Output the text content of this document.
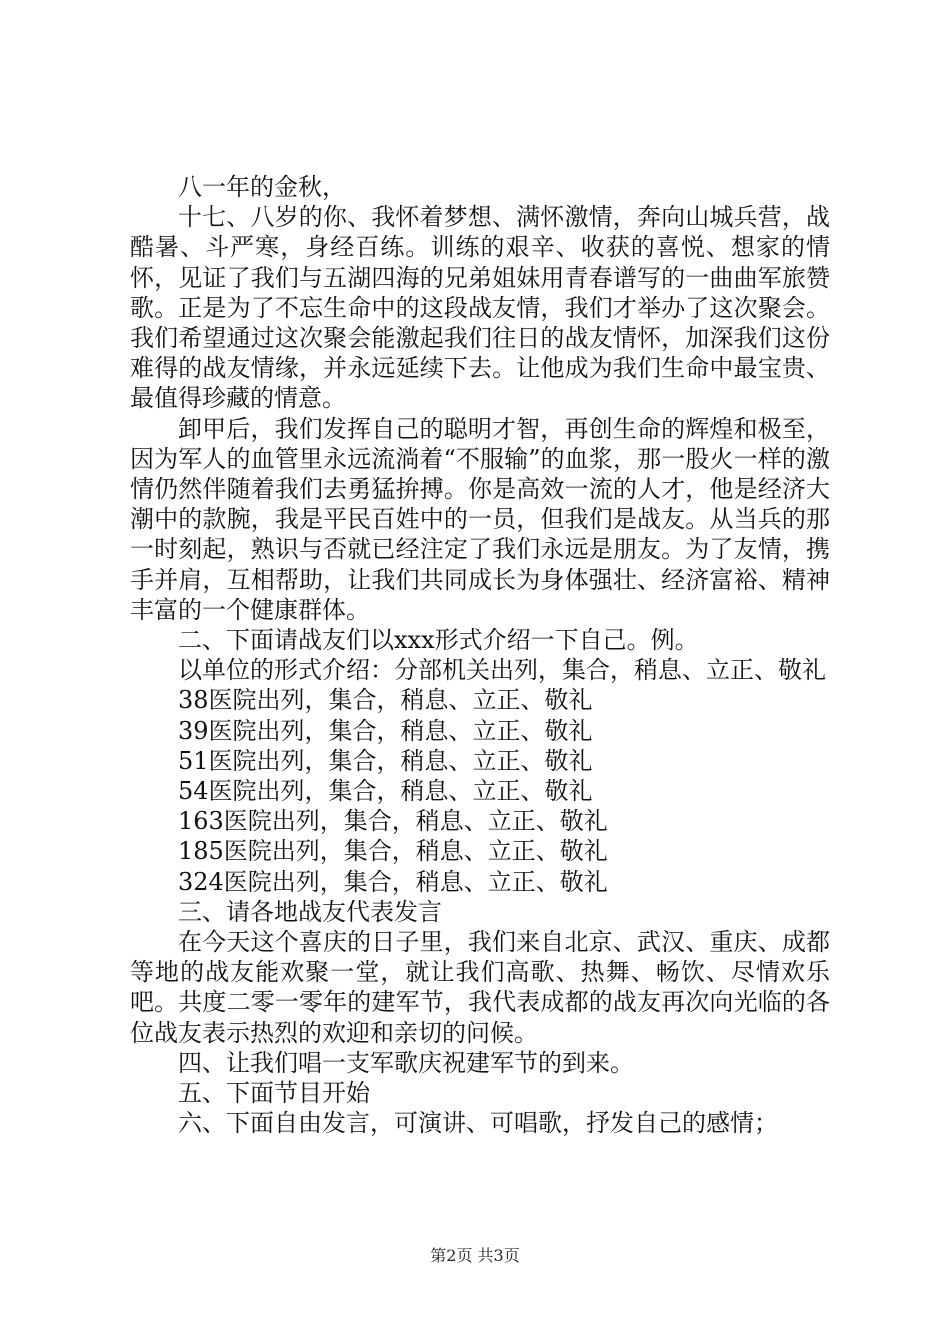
八一年的金秋，

十七、八岁的你、我怀着梦想、满怀激情，奔向山城兵营，战酷暑、斗严寒，身经百练。训练的艰辛、收获的喜悦、想家的情怀，见证了我们与五湖四海的兄弟姐妹用青春谱写的一曲曲军旅赞歌。正是为了不忘生命中的这段战友情，我们才举办了这次聚会。我们希望通过这次聚会能激起我们往日的战友情怀，加深我们这份难得的战友情缘，并永远延续下去。让他成为我们生命中最宝贵、最值得珍藏的情意。

卸甲后，我们发挥自己的聪明才智，再创生命的辉煌和极至，因为军人的血管里永远流淌着“不服输”的血浆，那一股火一样的激情仍然伴随着我们去勇猛拚搏。你是高效一流的人才，他是经济大潮中的款腕，我是平民百姓中的一员，但我们是战友。从当兵的那一时刻起，熟识与否就已经注定了我们永远是朋友。为了友情，携手并肩，互相帮助，让我们共同成长为身体强壮、经济富裕、精神丰富的一个健康群体。

二、下面请战友们以xxx形式介绍一下自己。例。

以单位的形式介绍：分部机关出列，集合，稍息、立正、敬礼

38医院出列，集合，稍息、立正、敬礼

39医院出列，集合，稍息、立正、敬礼

51医院出列，集合，稍息、立正、敬礼

54医院出列，集合，稍息、立正、敬礼

163医院出列，集合，稍息、立正、敬礼

185医院出列，集合，稍息、立正、敬礼

324医院出列，集合，稍息、立正、敬礼

三、请各地战友代表发言

在今天这个喜庆的日子里，我们来自北京、武汉、重庆、成都等地的战友能欢聚一堂，就让我们高歌、热舞、畅饮、尽情欢乐吧。共度二零一零年的建军节，我代表成都的战友再次向光临的各位战友表示热烈的欢迎和亲切的问候。

四、让我们唱一支军歌庆祝建军节的到来。

五、下面节目开始

六、下面自由发言，可演讲、可唱歌，抒发自己的感情；

第2页 共3页
